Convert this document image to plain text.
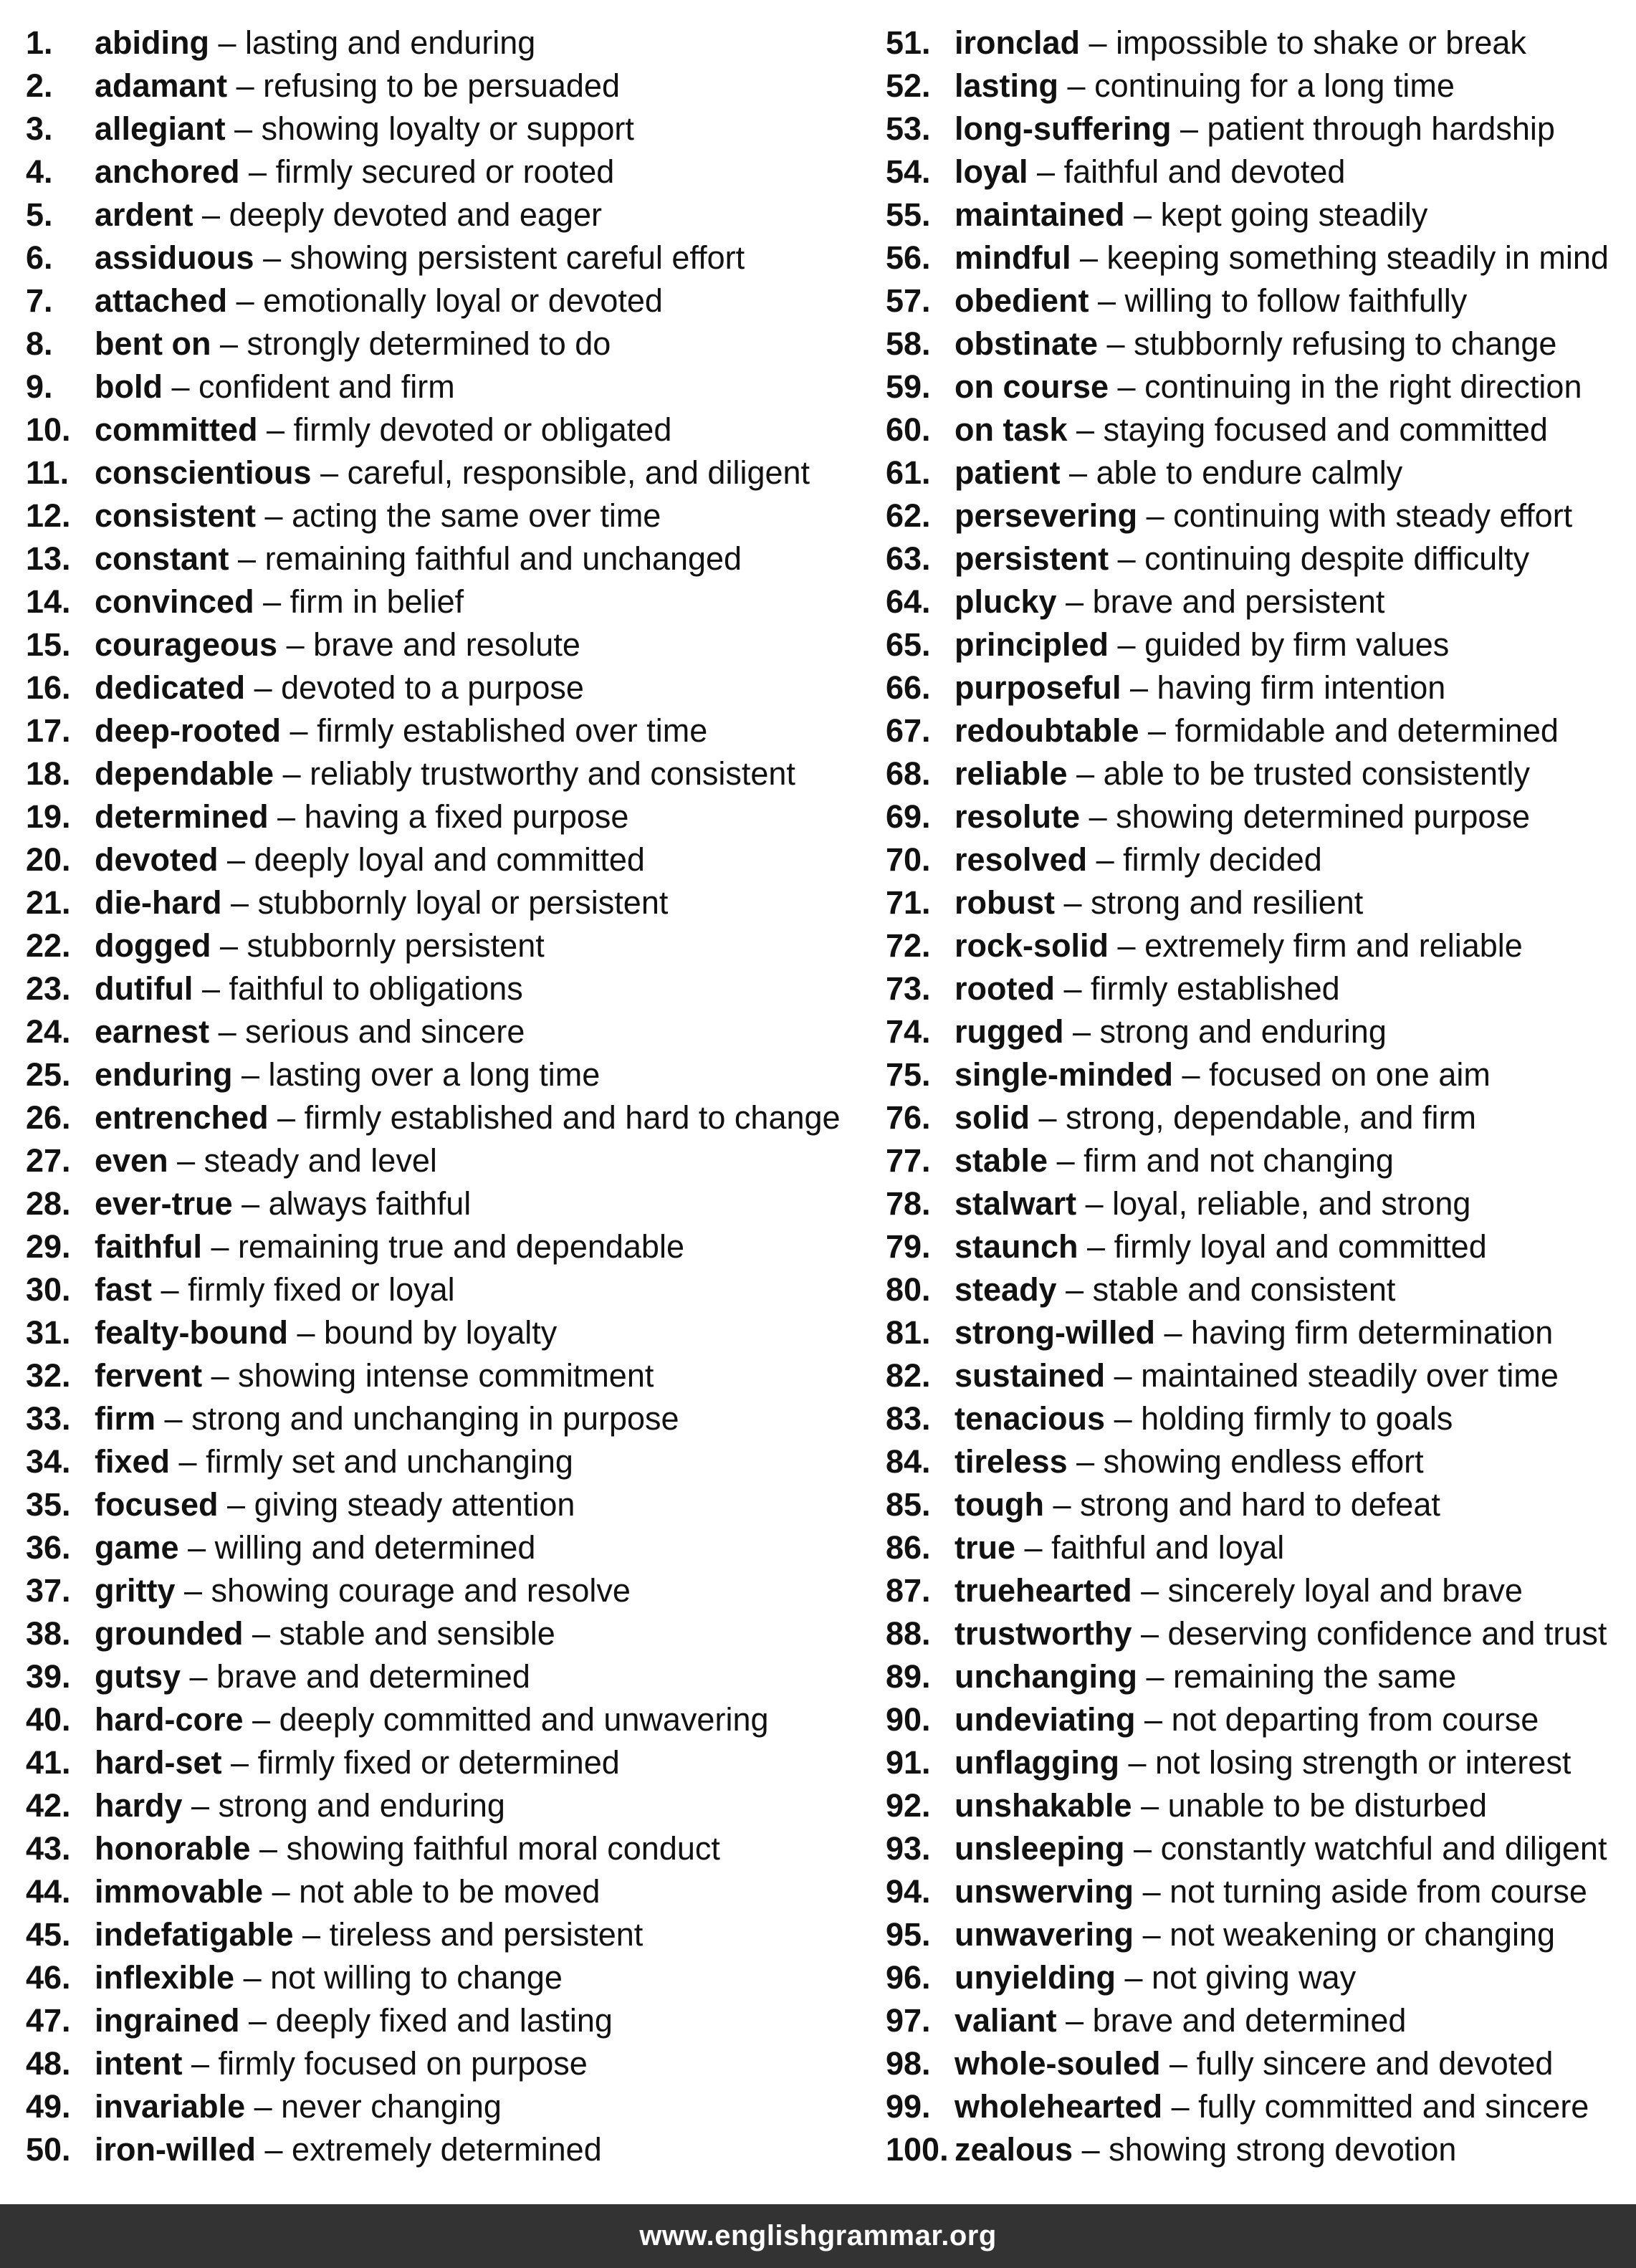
1.	abiding – lasting and enduring
2.	adamant – refusing to be persuaded
3.	allegiant – showing loyalty or support
4.	anchored – firmly secured or rooted
5.	ardent – deeply devoted and eager
6.	assiduous – showing persistent careful effort
7.	attached – emotionally loyal or devoted
8.	bent on – strongly determined to do
9.	bold – confident and firm
10. committed – firmly devoted or obligated
11. conscientious – careful, responsible, and diligent
12. consistent – acting the same over time
13. constant – remaining faithful and unchanged
14. convinced – firm in belief
15. courageous – brave and resolute
16. dedicated – devoted to a purpose
17. deep-rooted – firmly established over time
18. dependable – reliably trustworthy and consistent
19. determined – having a fixed purpose
20. devoted – deeply loyal and committed
21. die-hard – stubbornly loyal or persistent
22. dogged – stubbornly persistent
23. dutiful – faithful to obligations
24. earnest – serious and sincere
25. enduring – lasting over a long time
26. entrenched – firmly established and hard to change
27. even – steady and level
28. ever-true – always faithful
29. faithful – remaining true and dependable
30. fast – firmly fixed or loyal
31. fealty-bound – bound by loyalty
32. fervent – showing intense commitment
33. firm – strong and unchanging in purpose
34. fixed – firmly set and unchanging
35. focused – giving steady attention
36. game – willing and determined
37. gritty – showing courage and resolve
38. grounded – stable and sensible
39. gutsy – brave and determined
40. hard-core – deeply committed and unwavering
41. hard-set – firmly fixed or determined
42. hardy – strong and enduring
43. honorable – showing faithful moral conduct
44. immovable – not able to be moved
45. indefatigable – tireless and persistent
46. inflexible – not willing to change
47. ingrained – deeply fixed and lasting
48. intent – firmly focused on purpose
49. invariable – never changing
50. iron-willed – extremely determined
51. ironclad – impossible to shake or break
52. lasting – continuing for a long time
53. long-suffering – patient through hardship
54. loyal – faithful and devoted
55. maintained – kept going steadily
56. mindful – keeping something steadily in mind
57. obedient – willing to follow faithfully
58. obstinate – stubbornly refusing to change
59. on course – continuing in the right direction
60. on task – staying focused and committed
61. patient – able to endure calmly
62. persevering – continuing with steady effort
63. persistent – continuing despite difficulty
64. plucky – brave and persistent
65. principled – guided by firm values
66. purposeful – having firm intention
67. redoubtable – formidable and determined
68. reliable – able to be trusted consistently
69. resolute – showing determined purpose
70. resolved – firmly decided
71. robust – strong and resilient
72. rock-solid – extremely firm and reliable
73. rooted – firmly established
74. rugged – strong and enduring
75. single-minded – focused on one aim
76. solid – strong, dependable, and firm
77. stable – firm and not changing
78. stalwart – loyal, reliable, and strong
79. staunch – firmly loyal and committed
80. steady – stable and consistent
81. strong-willed – having firm determination
82. sustained – maintained steadily over time
83. tenacious – holding firmly to goals
84. tireless – showing endless effort
85. tough – strong and hard to defeat
86. true – faithful and loyal
87. truehearted – sincerely loyal and brave
88. trustworthy – deserving confidence and trust
89. unchanging – remaining the same
90. undeviating – not departing from course
91. unflagging – not losing strength or interest
92. unshakable – unable to be disturbed
93. unsleeping – constantly watchful and diligent
94. unswerving – not turning aside from course
95. unwavering – not weakening or changing
96. unyielding – not giving way
97. valiant – brave and determined
98. whole-souled – fully sincere and devoted
99. wholehearted – fully committed and sincere
100. zealous – showing strong devotion
www.englishgrammar.org
